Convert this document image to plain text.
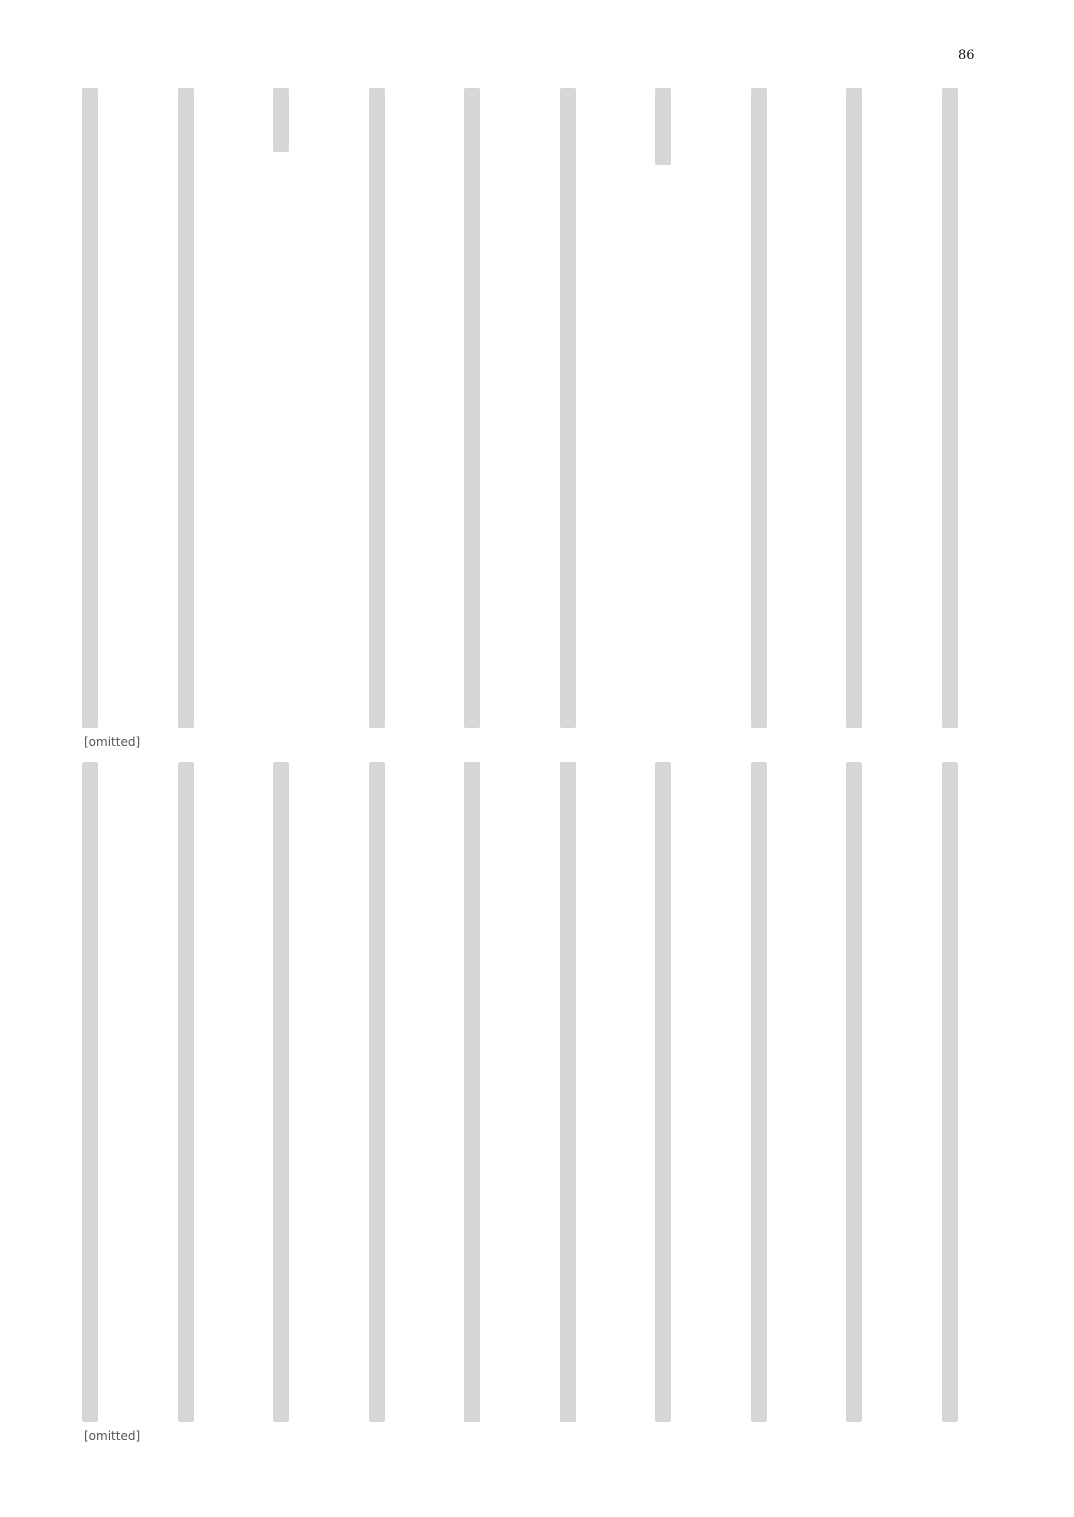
86
[omitted]
[omitted]
